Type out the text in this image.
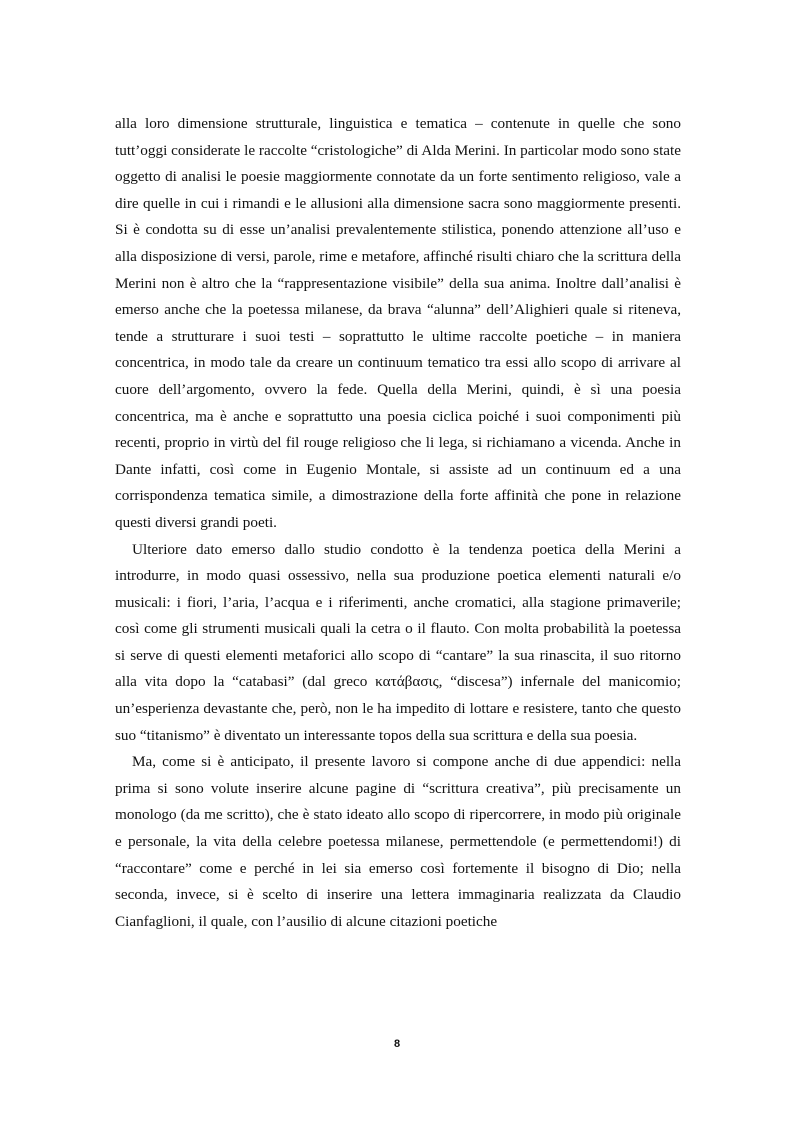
alla loro dimensione strutturale, linguistica e tematica – contenute in quelle che sono tutt’oggi considerate le raccolte “cristologiche” di Alda Merini. In particolar modo sono state oggetto di analisi le poesie maggiormente connotate da un forte sentimento religioso, vale a dire quelle in cui i rimandi e le allusioni alla dimensione sacra sono maggiormente presenti. Si è condotta su di esse un’analisi prevalentemente stilistica, ponendo attenzione all’uso e alla disposizione di versi, parole, rime e metafore, affinché risulti chiaro che la scrittura della Merini non è altro che la “rappresentazione visibile” della sua anima. Inoltre dall’analisi è emerso anche che la poetessa milanese, da brava “alunna” dell’Alighieri quale si riteneva, tende a strutturare i suoi testi – soprattutto le ultime raccolte poetiche – in maniera concentrica, in modo tale da creare un continuum tematico tra essi allo scopo di arrivare al cuore dell’argomento, ovvero la fede. Quella della Merini, quindi, è sì una poesia concentrica, ma è anche e soprattutto una poesia ciclica poiché i suoi componimenti più recenti, proprio in virtù del fil rouge religioso che li lega, si richiamano a vicenda. Anche in Dante infatti, così come in Eugenio Montale, si assiste ad un continuum ed a una corrispondenza tematica simile, a dimostrazione della forte affinità che pone in relazione questi diversi grandi poeti.

Ulteriore dato emerso dallo studio condotto è la tendenza poetica della Merini a introdurre, in modo quasi ossessivo, nella sua produzione poetica elementi naturali e/o musicali: i fiori, l’aria, l’acqua e i riferimenti, anche cromatici, alla stagione primaverile; così come gli strumenti musicali quali la cetra o il flauto. Con molta probabilità la poetessa si serve di questi elementi metaforici allo scopo di “cantare” la sua rinascita, il suo ritorno alla vita dopo la “catabasi” (dal greco κατάβασις, “discesa”) infernale del manicomio; un’esperienza devastante che, però, non le ha impedito di lottare e resistere, tanto che questo suo “titanismo” è diventato un interessante topos della sua scrittura e della sua poesia.

Ma, come si è anticipato, il presente lavoro si compone anche di due appendici: nella prima si sono volute inserire alcune pagine di “scrittura creativa”, più precisamente un monologo (da me scritto), che è stato ideato allo scopo di ripercorrere, in modo più originale e personale, la vita della celebre poetessa milanese, permettendole (e permettendomi!) di “raccontare” come e perché in lei sia emerso così fortemente il bisogno di Dio; nella seconda, invece, si è scelto di inserire una lettera immaginaria realizzata da Claudio Cianfaglioni, il quale, con l’ausilio di alcune citazioni poetiche

8
